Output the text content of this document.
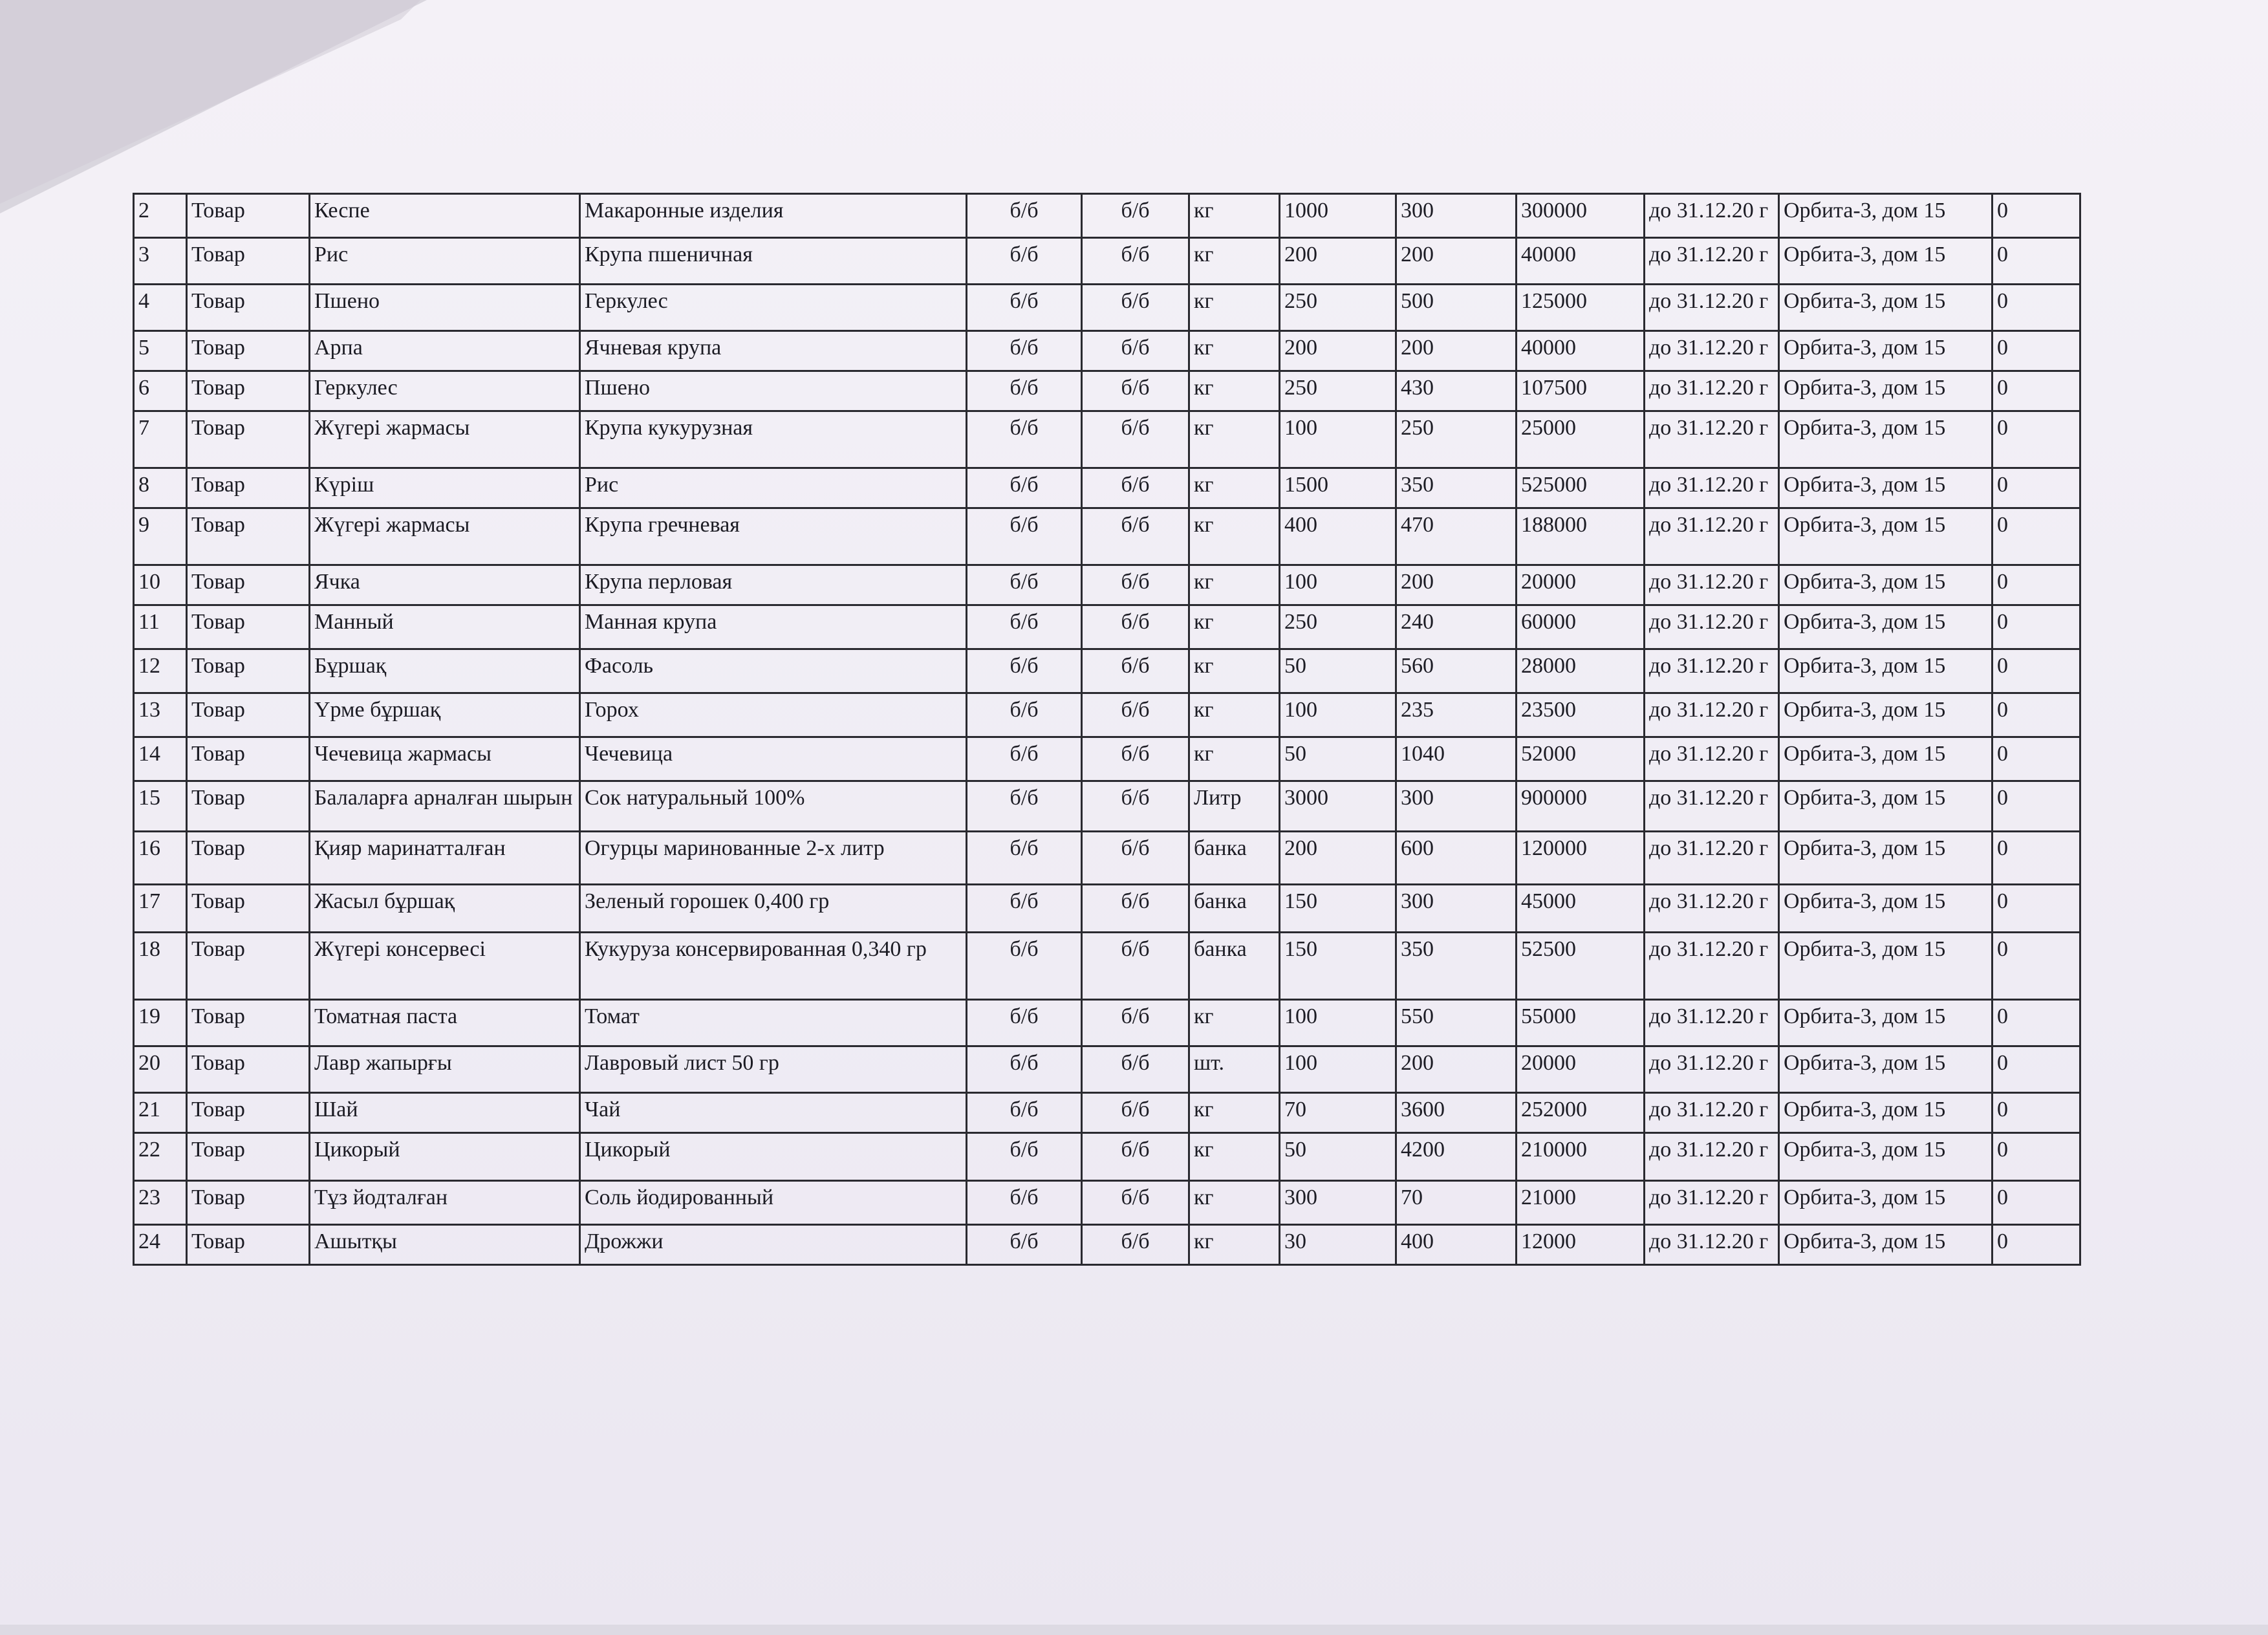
2	Товар	Кеспе	Макаронные изделия	б/б	б/б	кг	1000	300	300000	до 31.12.20 г	Орбита-3, дом 15	0
3	Товар	Рис	Крупа пшеничная	б/б	б/б	кг	200	200	40000	до 31.12.20 г	Орбита-3, дом 15	0
4	Товар	Пшено	Геркулес	б/б	б/б	кг	250	500	125000	до 31.12.20 г	Орбита-3, дом 15	0
5	Товар	Арпа	Ячневая крупа	б/б	б/б	кг	200	200	40000	до 31.12.20 г	Орбита-3, дом 15	0
6	Товар	Геркулес	Пшено	б/б	б/б	кг	250	430	107500	до 31.12.20 г	Орбита-3, дом 15	0
7	Товар	Жүгері жармасы	Крупа кукурузная	б/б	б/б	кг	100	250	25000	до 31.12.20 г	Орбита-3, дом 15	0
8	Товар	Күріш	Рис	б/б	б/б	кг	1500	350	525000	до 31.12.20 г	Орбита-3, дом 15	0
9	Товар	Жүгері жармасы	Крупа гречневая	б/б	б/б	кг	400	470	188000	до 31.12.20 г	Орбита-3, дом 15	0
10	Товар	Ячка	Крупа перловая	б/б	б/б	кг	100	200	20000	до 31.12.20 г	Орбита-3, дом 15	0
11	Товар	Манный	Манная крупа	б/б	б/б	кг	250	240	60000	до 31.12.20 г	Орбита-3, дом 15	0
12	Товар	Бұршақ	Фасоль	б/б	б/б	кг	50	560	28000	до 31.12.20 г	Орбита-3, дом 15	0
13	Товар	Үрме бұршақ	Горох	б/б	б/б	кг	100	235	23500	до 31.12.20 г	Орбита-3, дом 15	0
14	Товар	Чечевица жармасы	Чечевица	б/б	б/б	кг	50	1040	52000	до 31.12.20 г	Орбита-3, дом 15	0
15	Товар	Балаларға арналған шырын	Сок натуральный 100%	б/б	б/б	Литр	3000	300	900000	до 31.12.20 г	Орбита-3, дом 15	0
16	Товар	Қияр маринатталған	Огурцы маринованные 2-х литр	б/б	б/б	банка	200	600	120000	до 31.12.20 г	Орбита-3, дом 15	0
17	Товар	Жасыл бұршақ	Зеленый горошек 0,400 гр	б/б	б/б	банка	150	300	45000	до 31.12.20 г	Орбита-3, дом 15	0
18	Товар	Жүгері консервесі	Кукуруза консервированная 0,340 гр	б/б	б/б	банка	150	350	52500	до 31.12.20 г	Орбита-3, дом 15	0
19	Товар	Томатная паста	Томат	б/б	б/б	кг	100	550	55000	до 31.12.20 г	Орбита-3, дом 15	0
20	Товар	Лавр жапырғы	Лавровый лист 50 гр	б/б	б/б	шт.	100	200	20000	до 31.12.20 г	Орбита-3, дом 15	0
21	Товар	Шай	Чай	б/б	б/б	кг	70	3600	252000	до 31.12.20 г	Орбита-3, дом 15	0
22	Товар	Цикорый	Цикорый	б/б	б/б	кг	50	4200	210000	до 31.12.20 г	Орбита-3, дом 15	0
23	Товар	Тұз йодталған	Соль йодированный	б/б	б/б	кг	300	70	21000	до 31.12.20 г	Орбита-3, дом 15	0
24	Товар	Ашытқы	Дрожжи	б/б	б/б	кг	30	400	12000	до 31.12.20 г	Орбита-3, дом 15	0
